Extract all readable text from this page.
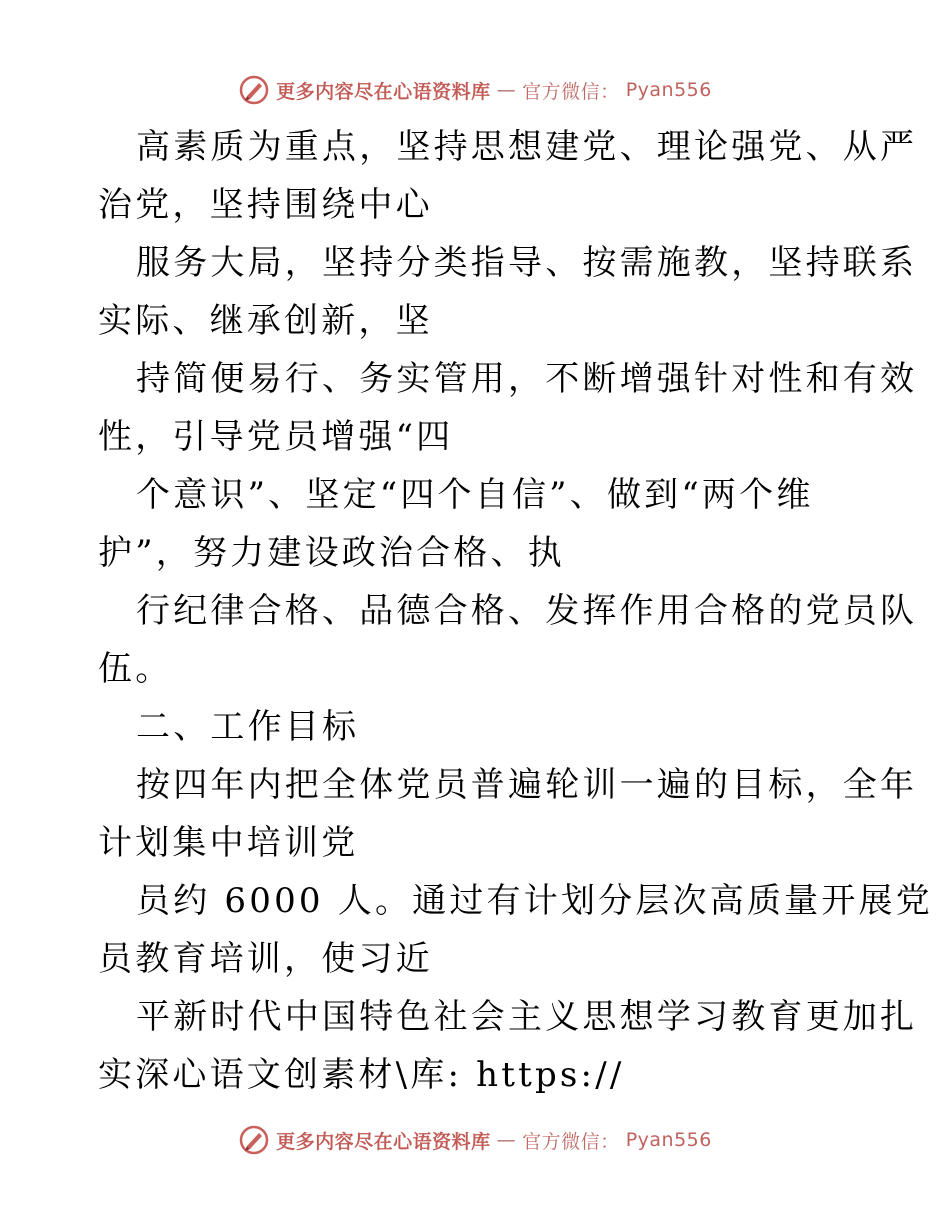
更多内容尽在心语资料库 — 官方微信： Pyan556
高素质为重点，坚持思想建党、理论强党、从严
治党，坚持围绕中心
服务大局，坚持分类指导、按需施教，坚持联系
实际、继承创新，坚
持简便易行、务实管用，不断增强针对性和有效
性，引导党员增强“四
个意识”、坚定“四个自信”、做到“两个维
护”，努力建设政治合格、执
行纪律合格、品德合格、发挥作用合格的党员队
伍。
二、工作目标
按四年内把全体党员普遍轮训一遍的目标，全年
计划集中培训党
员约 6000 人。通过有计划分层次高质量开展党
员教育培训，使习近
平新时代中国特色社会主义思想学习教育更加扎
实深心语文创素材\库: https://
更多内容尽在心语资料库 — 官方微信： Pyan556
